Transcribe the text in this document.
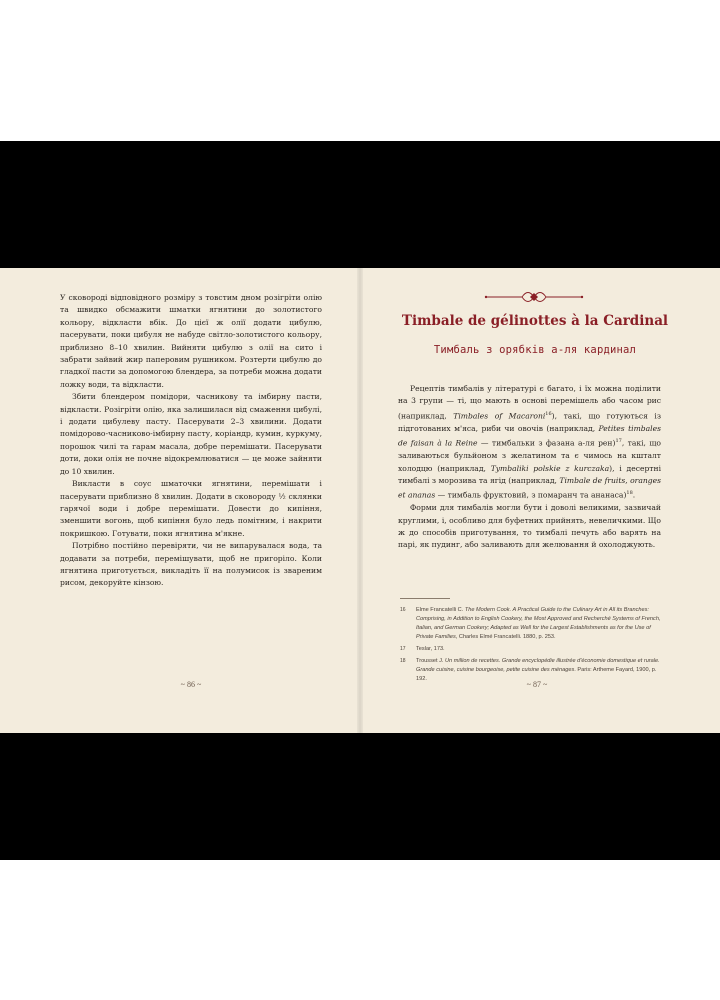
У сковороді відповідного розміру з товстим дном розігріти олію та швидко обсмажити шматки ягнятини до золотистого кольору, відкласти вбік. До цієї ж олії додати цибулю, пасерувати, поки цибуля не набуде світло-золотистого кольору, приблизно 8–10 хвилин. Вийняти цибулю з олії на сито і забрати зайвий жир паперовим рушником. Розтерти цибулю до гладкої пасти за допомогою блендера, за потреби можна додати ложку води, та відкласти.

Збити блендером помідори, часникову та імбирну пасти, відкласти. Розігріти олію, яка залишилася від смаження цибулі, і додати цибулеву пасту. Пасерувати 2–3 хвилини. Додати помідорово-часниково-імбирну пасту, коріандр, кумин, куркуму, порошок чилі та гарам масала, добре перемішати. Пасерувати доти, доки олія не почне відокремлюватися — це може зайняти до 10 хвилин.

Викласти в соус шматочки ягнятини, перемішати і пасерувати приблизно 8 хвилин. Додати в сковороду ½ склянки гарячої води і добре перемішати. Довести до кипіння, зменшити вогонь, щоб кипіння було ледь помітним, і накрити покришкою. Готувати, поки ягнятина м'якне.

Потрібно постійно перевіряти, чи не випарувалася вода, та додавати за потреби, перемішувати, щоб не пригоріло. Коли ягнятина приготується, викладіть її на полумисок із звареним рисом, декоруйте кінзою.

~ 86 ~
Timbale de gélinottes à la Cardinal
Тимбаль з орябків а-ля кардинал

Рецептів тимбалів у літературі є багато, і їх можна поділити на 3 групи — ті, що мають в основі перемішель або часом рис (наприклад, Timbales of Macaroni$^{16}$), такі, що готуються із підготованих м'яса, риби чи овочів (наприклад, Petites timbales de faisan à la Reine — тимбальки з фазана а-ля рен)$^{17}$, такі, що заливаються бульйоном з желатином та є чимось на кшталт холодцю (наприклад, Tymbaliki polskie z kurczaka), і десертні тимбалі з морозива та ягід (наприклад, Timbale de fruits, oranges et ananas — тимбаль фруктовий, з помаранч та ананаса)$^{18}$.

Форми для тимбалів могли бути і доволі великими, зазвичай круглими, і, особливо для буфетних прийнять, невеличкими. Що ж до способів приготування, то тимбалі печуть або варять на парі, як пудинг, або заливають для желювання й охолоджують.

16 Elme Francatelli C. The Modern Cook. A Practical Guide to the Culinary Art in All its Branches: Comprising, in Addition to English Cookery, the Most Approved and Recherché Systems of French, Italian, and German Cookery; Adapted as Well for the Largest Establishments as for the Use of Private Families, Charles Elmé Francatelli. 1880, p. 253.
17 Teslar, 173.
18 Trousset J. Un million de recettes. Grande encyclopédie illustrée d'économie domestique et rurale. Grande cuisine, cuisine bourgeoise, petite cuisine des ménages. Paris: Artheme Fayard, 1900, p. 192.
~ 87 ~
